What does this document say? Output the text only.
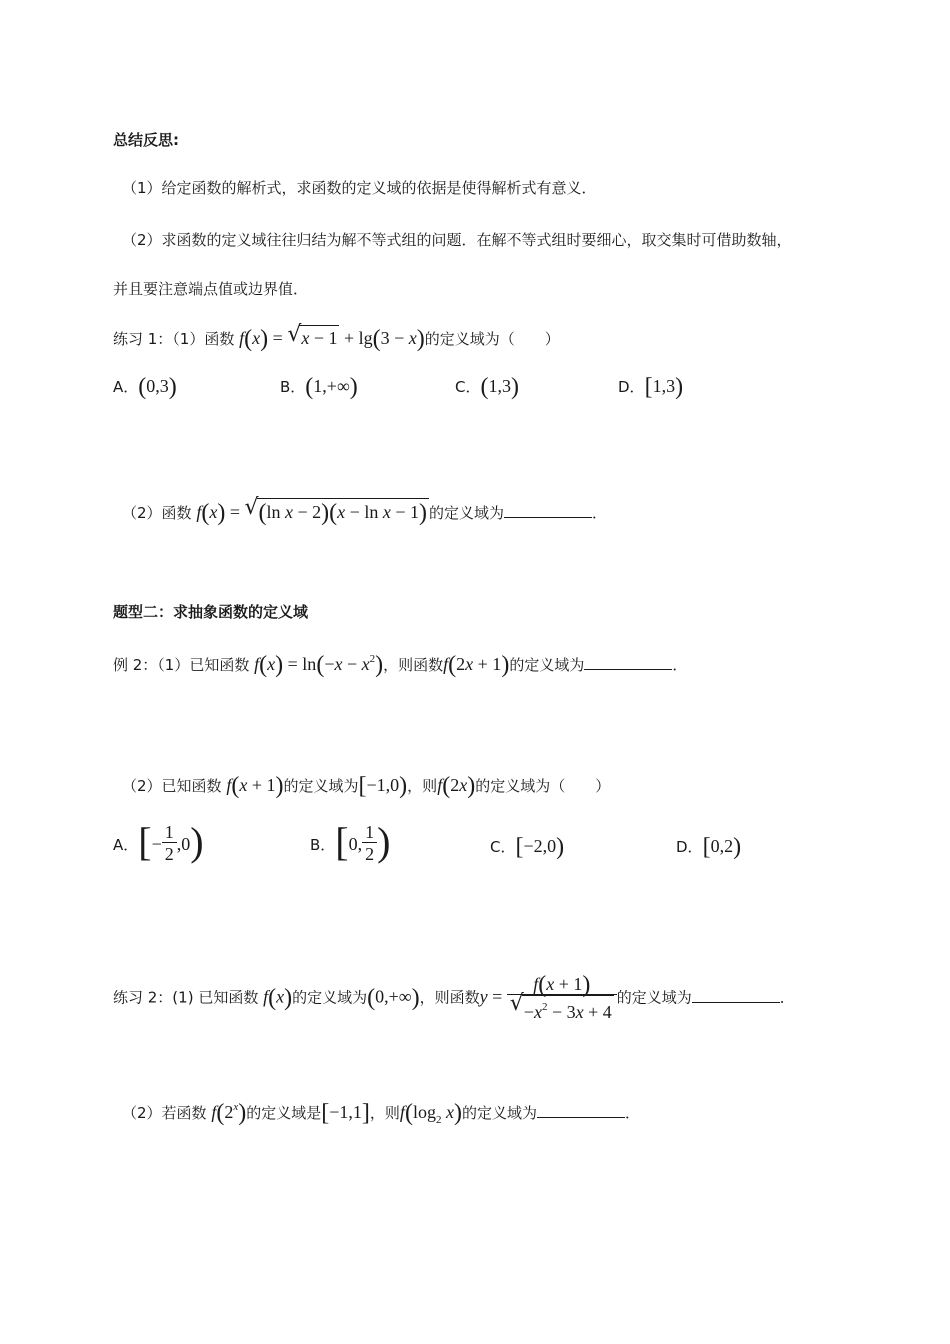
总结反思:
（1）给定函数的解析式，求函数的定义域的依据是使得解析式有意义．
（2）求函数的定义域往往归结为解不等式组的问题．在解不等式组时要细心，取交集时可借助数轴，
并且要注意端点值或边界值．
练习 1：（1）函数 f(x) = √ x − 1 + lg(3 − x)的定义域为（　　）
A．(0,3)	B．(1,+∞)	C．(1,3)	D．[1,3)
（2）函数 f(x) = √ (ln x − 2)(x − ln x − 1) 的定义域为	．
题型二：求抽象函数的定义域
例 2：（1）已知函数 $f(x) = \ln(-x - x^2)$，则函数f(2x + 1)的定义域为	．
（2）已知函数 f(x + 1)的定义域为[−1,0)，则f(2x)的定义域为（　　）
A．[− $\frac{1}{2} ,0$)	B．[0, $\frac{1}{2}$ )	C．[−2,0)	D．[0,2)
练习 2：(1) 已知函数 f(x)的定义域为(0,+∞)，则函数$y = \frac{f(x + 1)}{√ -x^2 - 3x + 4}$ 的定义域为	．
（2）若函数 f(2$^x$)的定义域是[−1,1]，则$f(\log_2$ x)的定义域为	．
